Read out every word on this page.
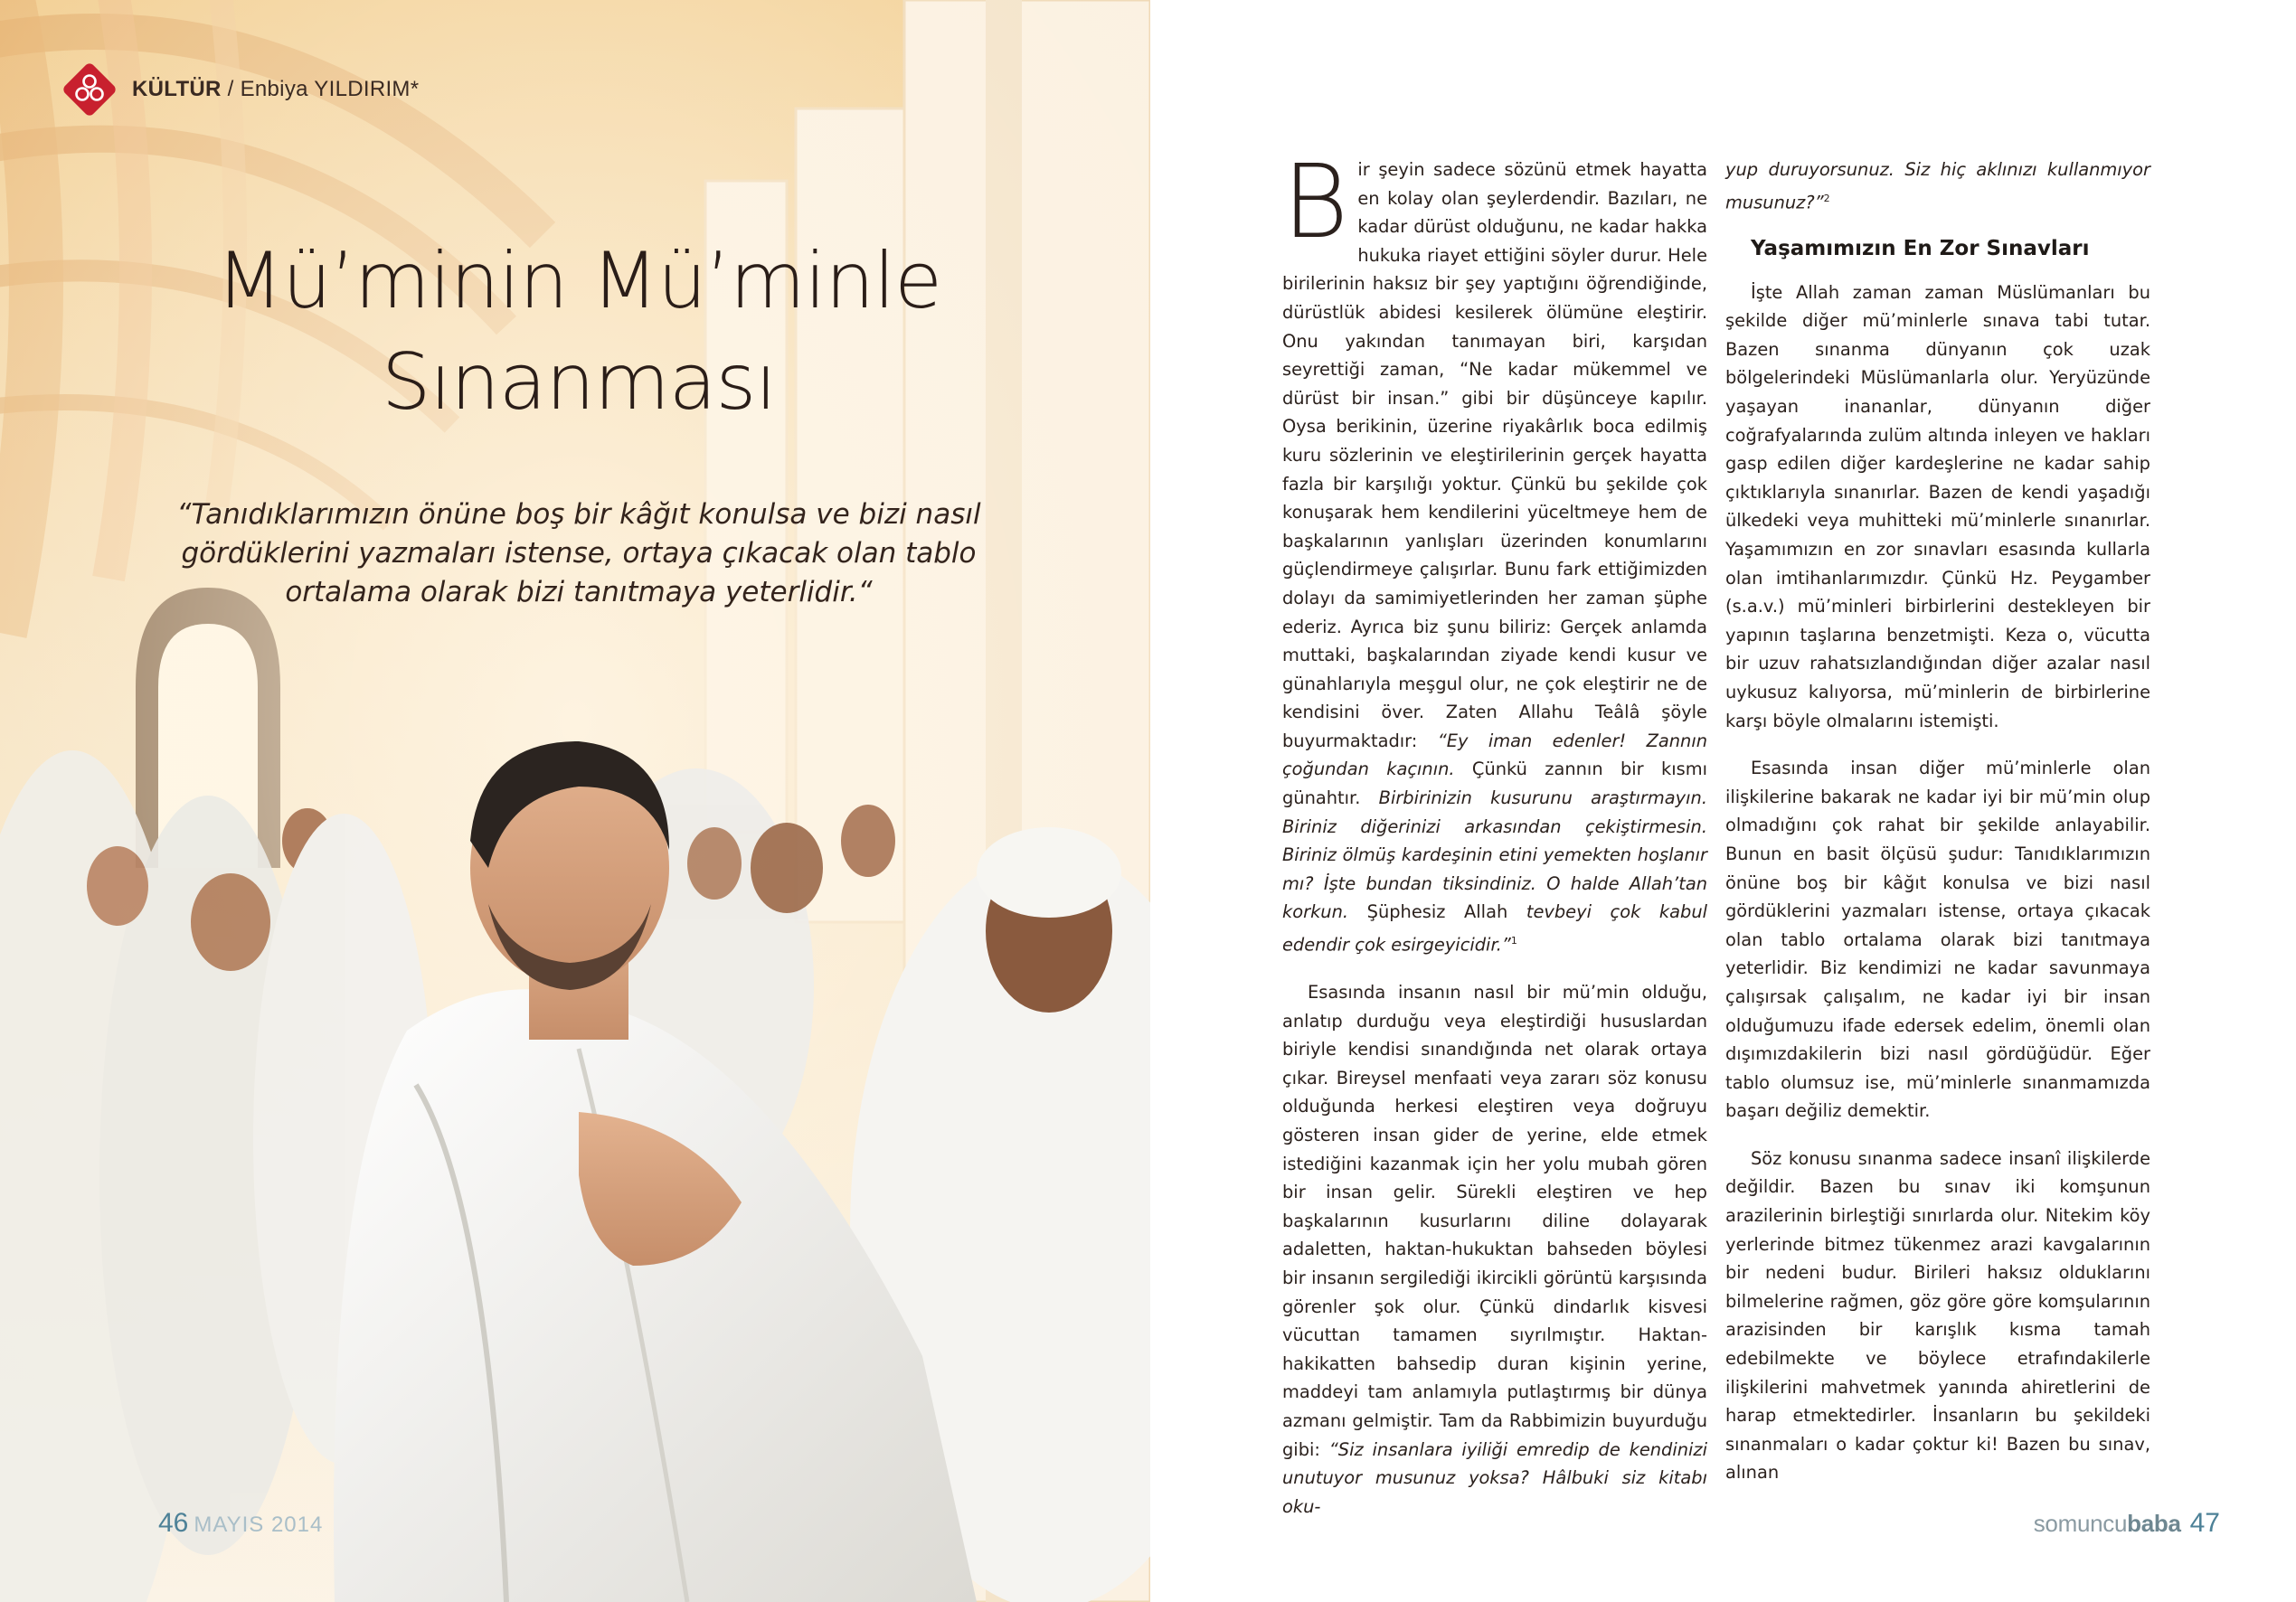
KÜLTÜR / Enbiya YILDIRIM*
Mü’minin Mü’minle
Sınanması
“Tanıdıklarımızın önüne boş bir kâğıt konulsa ve bizi nasıl gördüklerini yazmaları istense, ortaya çıkacak olan tablo ortalama olarak bizi tanıtmaya yeterlidir.“
46 MAYIS 2014

Bir şeyin sadece sözünü etmek hayatta en kolay olan şeylerdendir. Bazıları, ne kadar dürüst olduğunu, ne kadar hakka hukuka riayet ettiğini söyler durur. Hele birilerinin haksız bir şey yaptığını öğrendiğinde, dürüstlük abidesi kesilerek ölümüne eleştirir. Onu yakından tanımayan biri, karşıdan seyrettiği zaman, “Ne kadar mükemmel ve dürüst bir insan.” gibi bir düşünceye kapılır. Oysa berikinin, üzerine riyakârlık boca edilmiş kuru sözlerinin ve eleştirilerinin gerçek hayatta fazla bir karşılığı yoktur. Çünkü bu şekilde çok konuşarak hem kendilerini yüceltmeye hem de başkalarının yanlışları üzerinden konumlarını güçlendirmeye çalışırlar. Bunu fark ettiğimizden dolayı da samimiyetlerinden her zaman şüphe ederiz. Ayrıca biz şunu biliriz: Gerçek anlamda muttaki, başkalarından ziyade kendi kusur ve günahlarıyla meşgul olur, ne çok eleştirir ne de kendisini över. Zaten Allahu Teâlâ şöyle buyurmaktadır: “Ey iman edenler! Zannın çoğundan kaçının. Çünkü zannın bir kısmı günahtır. Birbirinizin kusurunu araştırmayın. Biriniz diğerinizi arkasından çekiştirmesin. Biriniz ölmüş kardeşinin etini yemekten hoşlanır mı? İşte bundan tiksindiniz. O halde Allah’tan korkun. Şüphesiz Allah tevbeyi çok kabul edendir çok esirgeyicidir.”$^1$

Esasında insanın nasıl bir mü’min olduğu, anlatıp durduğu veya eleştirdiği hususlardan biriyle kendisi sınandığında net olarak ortaya çıkar. Bireysel menfaati veya zararı söz konusu olduğunda herkesi eleştiren veya doğruyu gösteren insan gider de yerine, elde etmek istediğini kazanmak için her yolu mubah gören bir insan gelir. Sürekli eleştiren ve hep başkalarının kusurlarını diline dolayarak adaletten, haktan-hukuktan bahseden böylesi bir insanın sergilediği ikircikli görüntü karşısında görenler şok olur. Çünkü dindarlık kisvesi vücuttan tamamen sıyrılmıştır. Haktan-hakikatten bahsedip duran kişinin yerine, maddeyi tam anlamıyla putlaştırmış bir dünya azmanı gelmiştir. Tam da Rabbimizin buyurduğu gibi: “Siz insanlara iyiliği emredip de kendinizi unutuyor musunuz yoksa? Hâlbuki siz kitabı oku-

yup duruyorsunuz. Siz hiç aklınızı kullanmıyor musunuz?”$^2$

Yaşamımızın En Zor Sınavları

İşte Allah zaman zaman Müslümanları bu şekilde diğer mü’minlerle sınava tabi tutar. Bazen sınanma dünyanın çok uzak bölgelerindeki Müslümanlarla olur. Yeryüzünde yaşayan inananlar, dünyanın diğer coğrafyalarında zulüm altında inleyen ve hakları gasp edilen diğer kardeşlerine ne kadar sahip çıktıklarıyla sınanırlar. Bazen de kendi yaşadığı ülkedeki veya muhitteki mü’minlerle sınanırlar. Yaşamımızın en zor sınavları esasında kullarla olan imtihanlarımızdır. Çünkü Hz. Peygamber (s.a.v.) mü’minleri birbirlerini destekleyen bir yapının taşlarına benzetmişti. Keza o, vücutta bir uzuv rahatsızlandığından diğer azalar nasıl uykusuz kalıyorsa, mü’minlerin de birbirlerine karşı böyle olmalarını istemişti.

Esasında insan diğer mü’minlerle olan ilişkilerine bakarak ne kadar iyi bir mü’min olup olmadığını çok rahat bir şekilde anlayabilir. Bunun en basit ölçüsü şudur: Tanıdıklarımızın önüne boş bir kâğıt konulsa ve bizi nasıl gördüklerini yazmaları istense, ortaya çıkacak olan tablo ortalama olarak bizi tanıtmaya yeterlidir. Biz kendimizi ne kadar savunmaya çalışırsak çalışalım, ne kadar iyi bir insan olduğumuzu ifade edersek edelim, önemli olan dışımızdakilerin bizi nasıl gördüğüdür. Eğer tablo olumsuz ise, mü’minlerle sınanmamızda başarı değiliz demektir.

Söz konusu sınanma sadece insanî ilişkilerde değildir. Bazen bu sınav iki komşunun arazilerinin birleştiği sınırlarda olur. Nitekim köy yerlerinde bitmez tükenmez arazi kavgalarının bir nedeni budur. Birileri haksız olduklarını bilmelerine rağmen, göz göre göre komşularının arazisinden bir karışlık kısma tamah edebilmekte ve böylece etrafındakilerle ilişkilerini mahvetmek yanında ahiretlerini de harap etmektedirler. İnsanların bu şekildeki sınanmaları o kadar çoktur ki! Bazen bu sınav, alınan

somuncubaba 47
